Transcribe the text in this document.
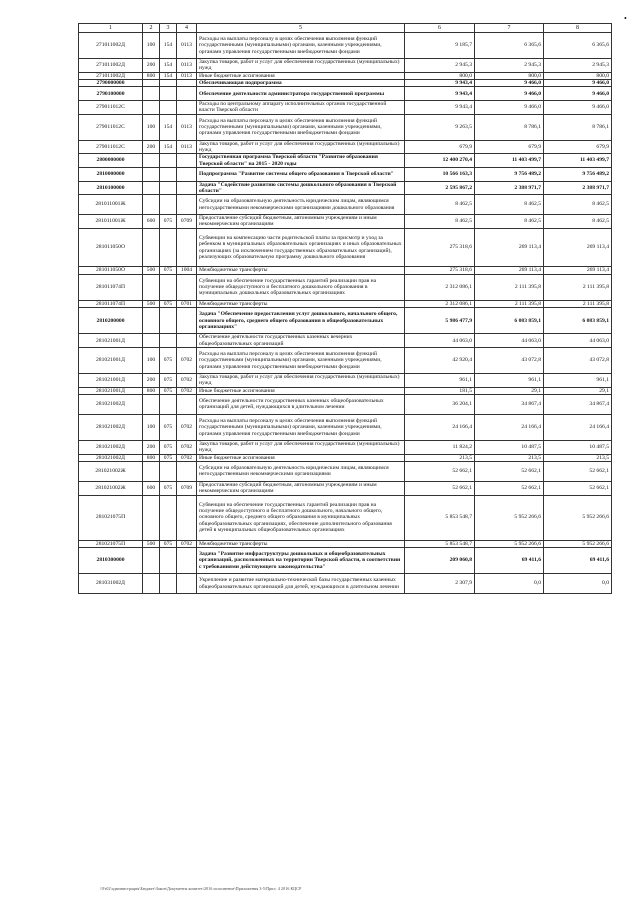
•
1	2	3	4	5	6	7	8
271011002Д	100	154	0113	Расходы на выплаты персоналу в целях обеспечения выполнения функций государственными (муниципальными) органами, казенными учреждениями, органами управления государственными внебюджетными фондами	9 185,7	6 365,6	6 365,6
271011002Д	200	154	0113	Закупка товаров, работ и услуг для обеспечения государственных (муниципальных) нужд	2 945,3	2 945,3	2 945,3
271011002Д	800	154	0113	Иные бюджетные ассигнования	800,0	800,0	800,0
2790000000				Обеспечивающая подпрограмма	9 943,4	9 466,0	9 466,0
2790100000				Обеспечение деятельности администратора государственной программы	9 943,4	9 466,0	9 466,0
279011012С				Расходы по центральному аппарату исполнительных органов государственной власти Тверской области	9 943,4	9 466,0	9 466,0
279011012С	100	154	0113	Расходы на выплаты персоналу в целях обеспечения выполнения функций государственными (муниципальными) органами, казенными учреждениями, органами управления государственными внебюджетными фондами	9 263,5	8 786,1	8 786,1
279011012С	200	154	0113	Закупка товаров, работ и услуг для обеспечения государственных (муниципальных) нужд	679,9	679,9	679,9
2800000000				Государственная программа Тверской области "Развитие образования Тверской области" на 2015 - 2020 годы	12 400 270,4	11 403 499,7	11 403 499,7
2810000000				Подпрограмма "Развитие системы общего образования в Тверской области"	10 566 163,3	9 756 489,2	9 756 489,2
2810100000				Задача "Содействие развитию системы дошкольного образования в Тверской области"	2 595 867,2	2 388 971,7	2 388 971,7
281011001Ж				Субсидии на образовательную деятельность юридическим лицам, являющимся негосударственными некоммерческими организациями дошкольного образования	8 462,5	8 462,5	8 462,5
281011001Ж	600	075	0709	Предоставление субсидий бюджетным, автономным учреждениям и иным некоммерческим организациям	8 462,5	8 462,5	8 462,5
281011050О				Субвенции на компенсацию части родительской платы за присмотр и уход за ребенком в муниципальных образовательных организациях и иных образовательных организациях (за исключением государственных образовательных организаций), реализующих образовательную программу дошкольного образования	275 318,6	269 113,4	269 113,4
281011050О	500	075	1004	Межбюджетные трансферты	275 318,6	269 113,4	269 113,4
281011074П				Субвенции на обеспечение государственных гарантий реализации прав на получение общедоступного и бесплатного дошкольного образования в муниципальных дошкольных образовательных организациях	2 312 086,1	2 111 395,8	2 111 395,8
281011074П	500	075	0701	Межбюджетные трансферты	2 312 086,1	2 111 395,8	2 111 395,8
2810200000				Задача "Обеспечение предоставления услуг дошкольного, начального общего, основного общего, среднего общего образования в общеобразовательных организациях"	5 986 477,9	6 083 859,1	6 083 859,1
281021001Д				Обеспечение деятельности государственных казенных вечерних общеобразовательных организаций	44 063,0	44 063,0	44 063,0
281021001Д	100	075	0702	Расходы на выплаты персоналу в целях обеспечения выполнения функций государственными (муниципальными) органами, казенными учреждениями, органами управления государственными внебюджетными фондами	42 920,4	43 072,8	43 072,8
281021001Д	200	075	0702	Закупка товаров, работ и услуг для обеспечения государственных (муниципальных) нужд	961,1	961,1	961,1
281021001Д	800	075	0702	Иные бюджетные ассигнования	181,5	29,1	29,1
281021002Д				Обеспечение деятельности государственных казенных общеобразовательных организаций для детей, нуждающихся в длительном лечении	36 204,1	34 867,4	34 867,4
281021002Д	100	075	0702	Расходы на выплаты персоналу в целях обеспечения выполнения функций государственными (муниципальными) органами, казенными учреждениями, органами управления государственными внебюджетными фондами	24 166,4	24 166,4	24 166,4
281021002Д	200	075	0702	Закупка товаров, работ и услуг для обеспечения государственных (муниципальных) нужд	11 824,2	10 487,5	10 487,5
281021002Д	800	075	0702	Иные бюджетные ассигнования	213,5	213,5	213,5
281021002Ж				Субсидии на образовательную деятельность юридическим лицам, являющимся негосударственными некоммерческими организациями	52 662,1	52 662,1	52 662,1
281021002Ж	600	075	0709	Предоставление субсидий бюджетным, автономным учреждениям и иным некоммерческим организациям	52 662,1	52 662,1	52 662,1
281021075П				Субвенции на обеспечение государственных гарантий реализации прав на получение общедоступного и бесплатного дошкольного, начального общего, основного общего, среднего общего образования в муниципальных общеобразовательных организациях, обеспечение дополнительного образования детей в муниципальных общеобразовательных организациях	5 853 548,7	5 952 266,6	5 952 266,6
281021075П	500	075	0702	Межбюджетные трансферты	5 853 548,7	5 952 266,6	5 952 266,6
2810300000				Задача "Развитие инфраструктуры дошкольных и общеобразовательных организаций, расположенных на территории Тверской области, в соответствии с требованиями действующего законодательства"	209 060,8	69 411,6	69 411,6
281031002Д				Укрепление и развитие материально-технической базы государственных казенных общеобразовательных организаций для детей, нуждающихся в длительном лечении	2 307,9	0,0	0,0
\\Fs02\администрация\Бюджет\Закон\Документы комитет\2016 исполнение\Приложения 3-5\Прил. 4 2016 КЦСР
